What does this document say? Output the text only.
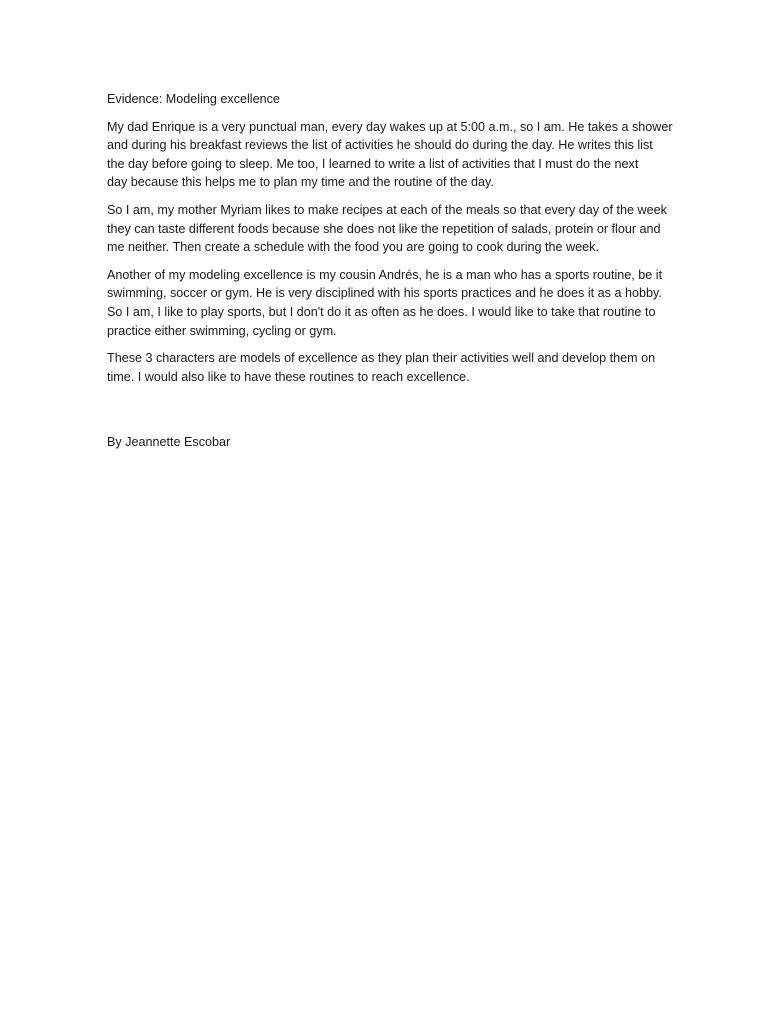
Evidence: Modeling excellence
My dad Enrique is a very punctual man, every day wakes up at 5:00 a.m., so I am. He takes a shower
and during his breakfast reviews the list of activities he should do during the day. He writes this list
the day before going to sleep. Me too, I learned to write a list of activities that I must do the next
day because this helps me to plan my time and the routine of the day.
So I am, my mother Myriam likes to make recipes at each of the meals so that every day of the week
they can taste different foods because she does not like the repetition of salads, protein or flour and
me neither. Then create a schedule with the food you are going to cook during the week.
Another of my modeling excellence is my cousin Andrés, he is a man who has a sports routine, be it
swimming, soccer or gym. He is very disciplined with his sports practices and he does it as a hobby.
So I am, I like to play sports, but I don't do it as often as he does. I would like to take that routine to
practice either swimming, cycling or gym.
These 3 characters are models of excellence as they plan their activities well and develop them on
time. I would also like to have these routines to reach excellence.
By Jeannette Escobar
